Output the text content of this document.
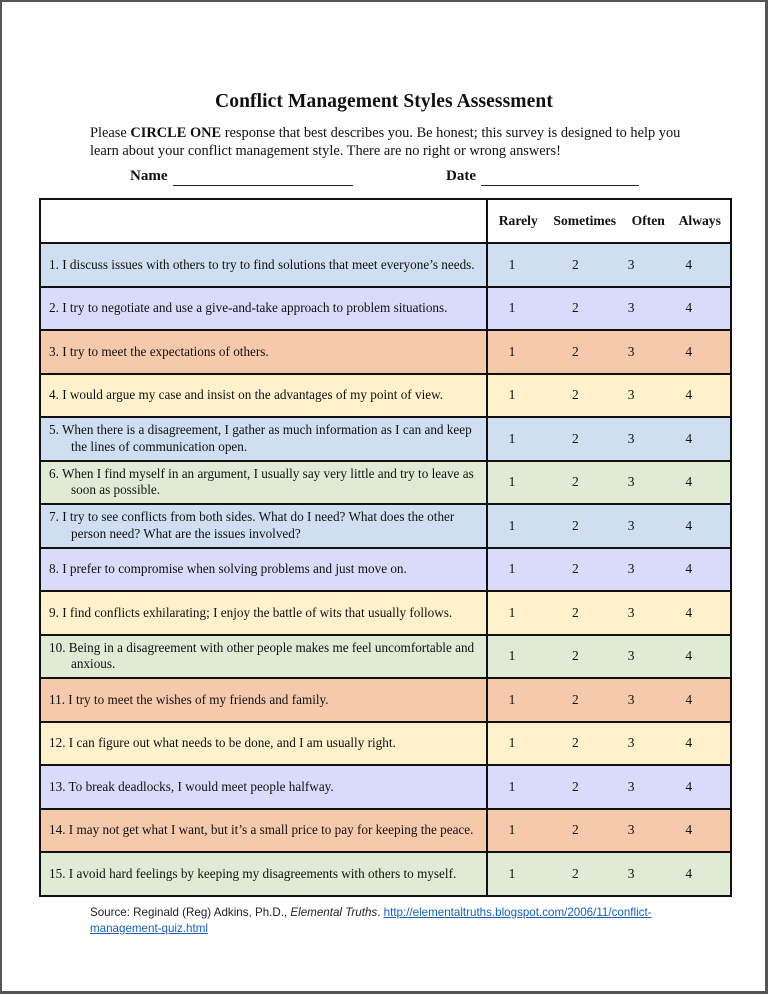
Conflict Management Styles Assessment

Please CIRCLE ONE response that best describes you. Be honest; this survey is designed to help you learn about your conflict management style. There are no right or wrong answers!

Name	Date

	Rarely Sometimes Often Always

1. I discuss issues with others to try to find solutions that meet everyone’s needs.	1 2 3 4

2. I try to negotiate and use a give-and-take approach to problem situations.	1 2 3 4

3. I try to meet the expectations of others.	1 2 3 4

4. I would argue my case and insist on the advantages of my point of view.	1 2 3 4

5. When there is a disagreement, I gather as much information as I can and keep the lines of communication open.	1 2 3 4

6. When I find myself in an argument, I usually say very little and try to leave as soon as possible.	1 2 3 4

7. I try to see conflicts from both sides. What do I need? What does the other person need? What are the issues involved?	1 2 3 4

8. I prefer to compromise when solving problems and just move on.	1 2 3 4

9. I find conflicts exhilarating; I enjoy the battle of wits that usually follows.	1 2 3 4

10. Being in a disagreement with other people makes me feel uncomfortable and anxious.	1 2 3 4

11. I try to meet the wishes of my friends and family.	1 2 3 4

12. I can figure out what needs to be done, and I am usually right.	1 2 3 4

13. To break deadlocks, I would meet people halfway.	1 2 3 4

14. I may not get what I want, but it’s a small price to pay for keeping the peace.	1 2 3 4

15. I avoid hard feelings by keeping my disagreements with others to myself.	1 2 3 4

Source: Reginald (Reg) Adkins, Ph.D., Elemental Truths. http://elementaltruths.blogspot.com/2006/11/conflict-management-quiz.html
